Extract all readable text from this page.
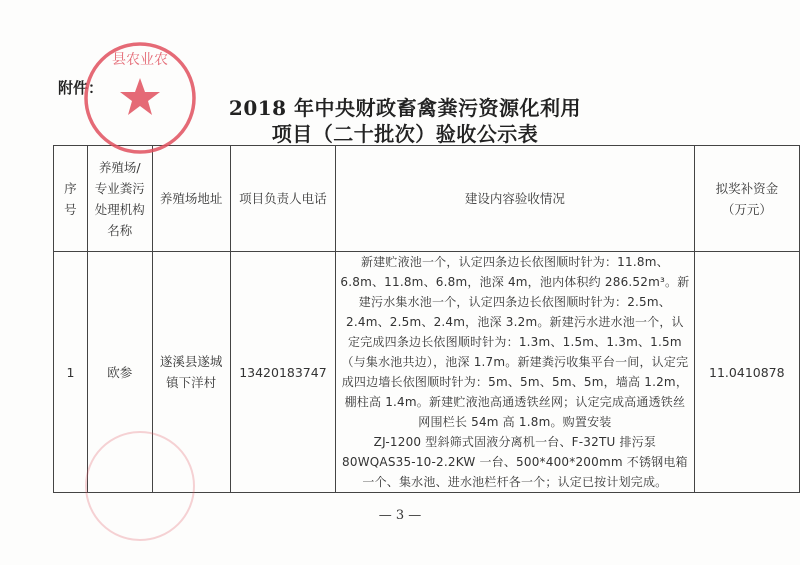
附件：
2018 年中央财政畜禽粪污资源化利用
项目（二十批次）验收公示表
序号	养殖场/专业粪污处理机构名称	养殖场地址	项目负责人电话	建设内容验收情况	拟奖补资金（万元）
1	欧参	遂溪县遂城镇下洋村	13420183747	新建贮液池一个，认定四条边长依图顺时针为：11.8m、6.8m、11.8m、6.8m，池深 4m，池内体积约 286.52m³。新建污水集水池一个，认定四条边长依图顺时针为：2.5m、2.4m、2.5m、2.4m，池深 3.2m。新建污水进水池一个，认定完成四条边长依图顺时针为：1.3m、1.5m、1.3m、1.5m（与集水池共边），池深 1.7m。新建粪污收集平台一间，认定完成四边墙长依图顺时针为：5m、5m、5m、5m，墙高 1.2m，棚柱高 1.4m。新建贮液池高通透铁丝网；认定完成高通透铁丝网围栏长 54m 高 1.8m。购置安装
ZJ-1200 型斜筛式固液分离机一台、F-32TU 排污泵 80WQAS35-10-2.2KW 一台、500*400*200mm 不锈钢电箱一个、集水池、进水池栏杆各一个；认定已按计划完成。	11.0410878
县农业农
— 3 —
